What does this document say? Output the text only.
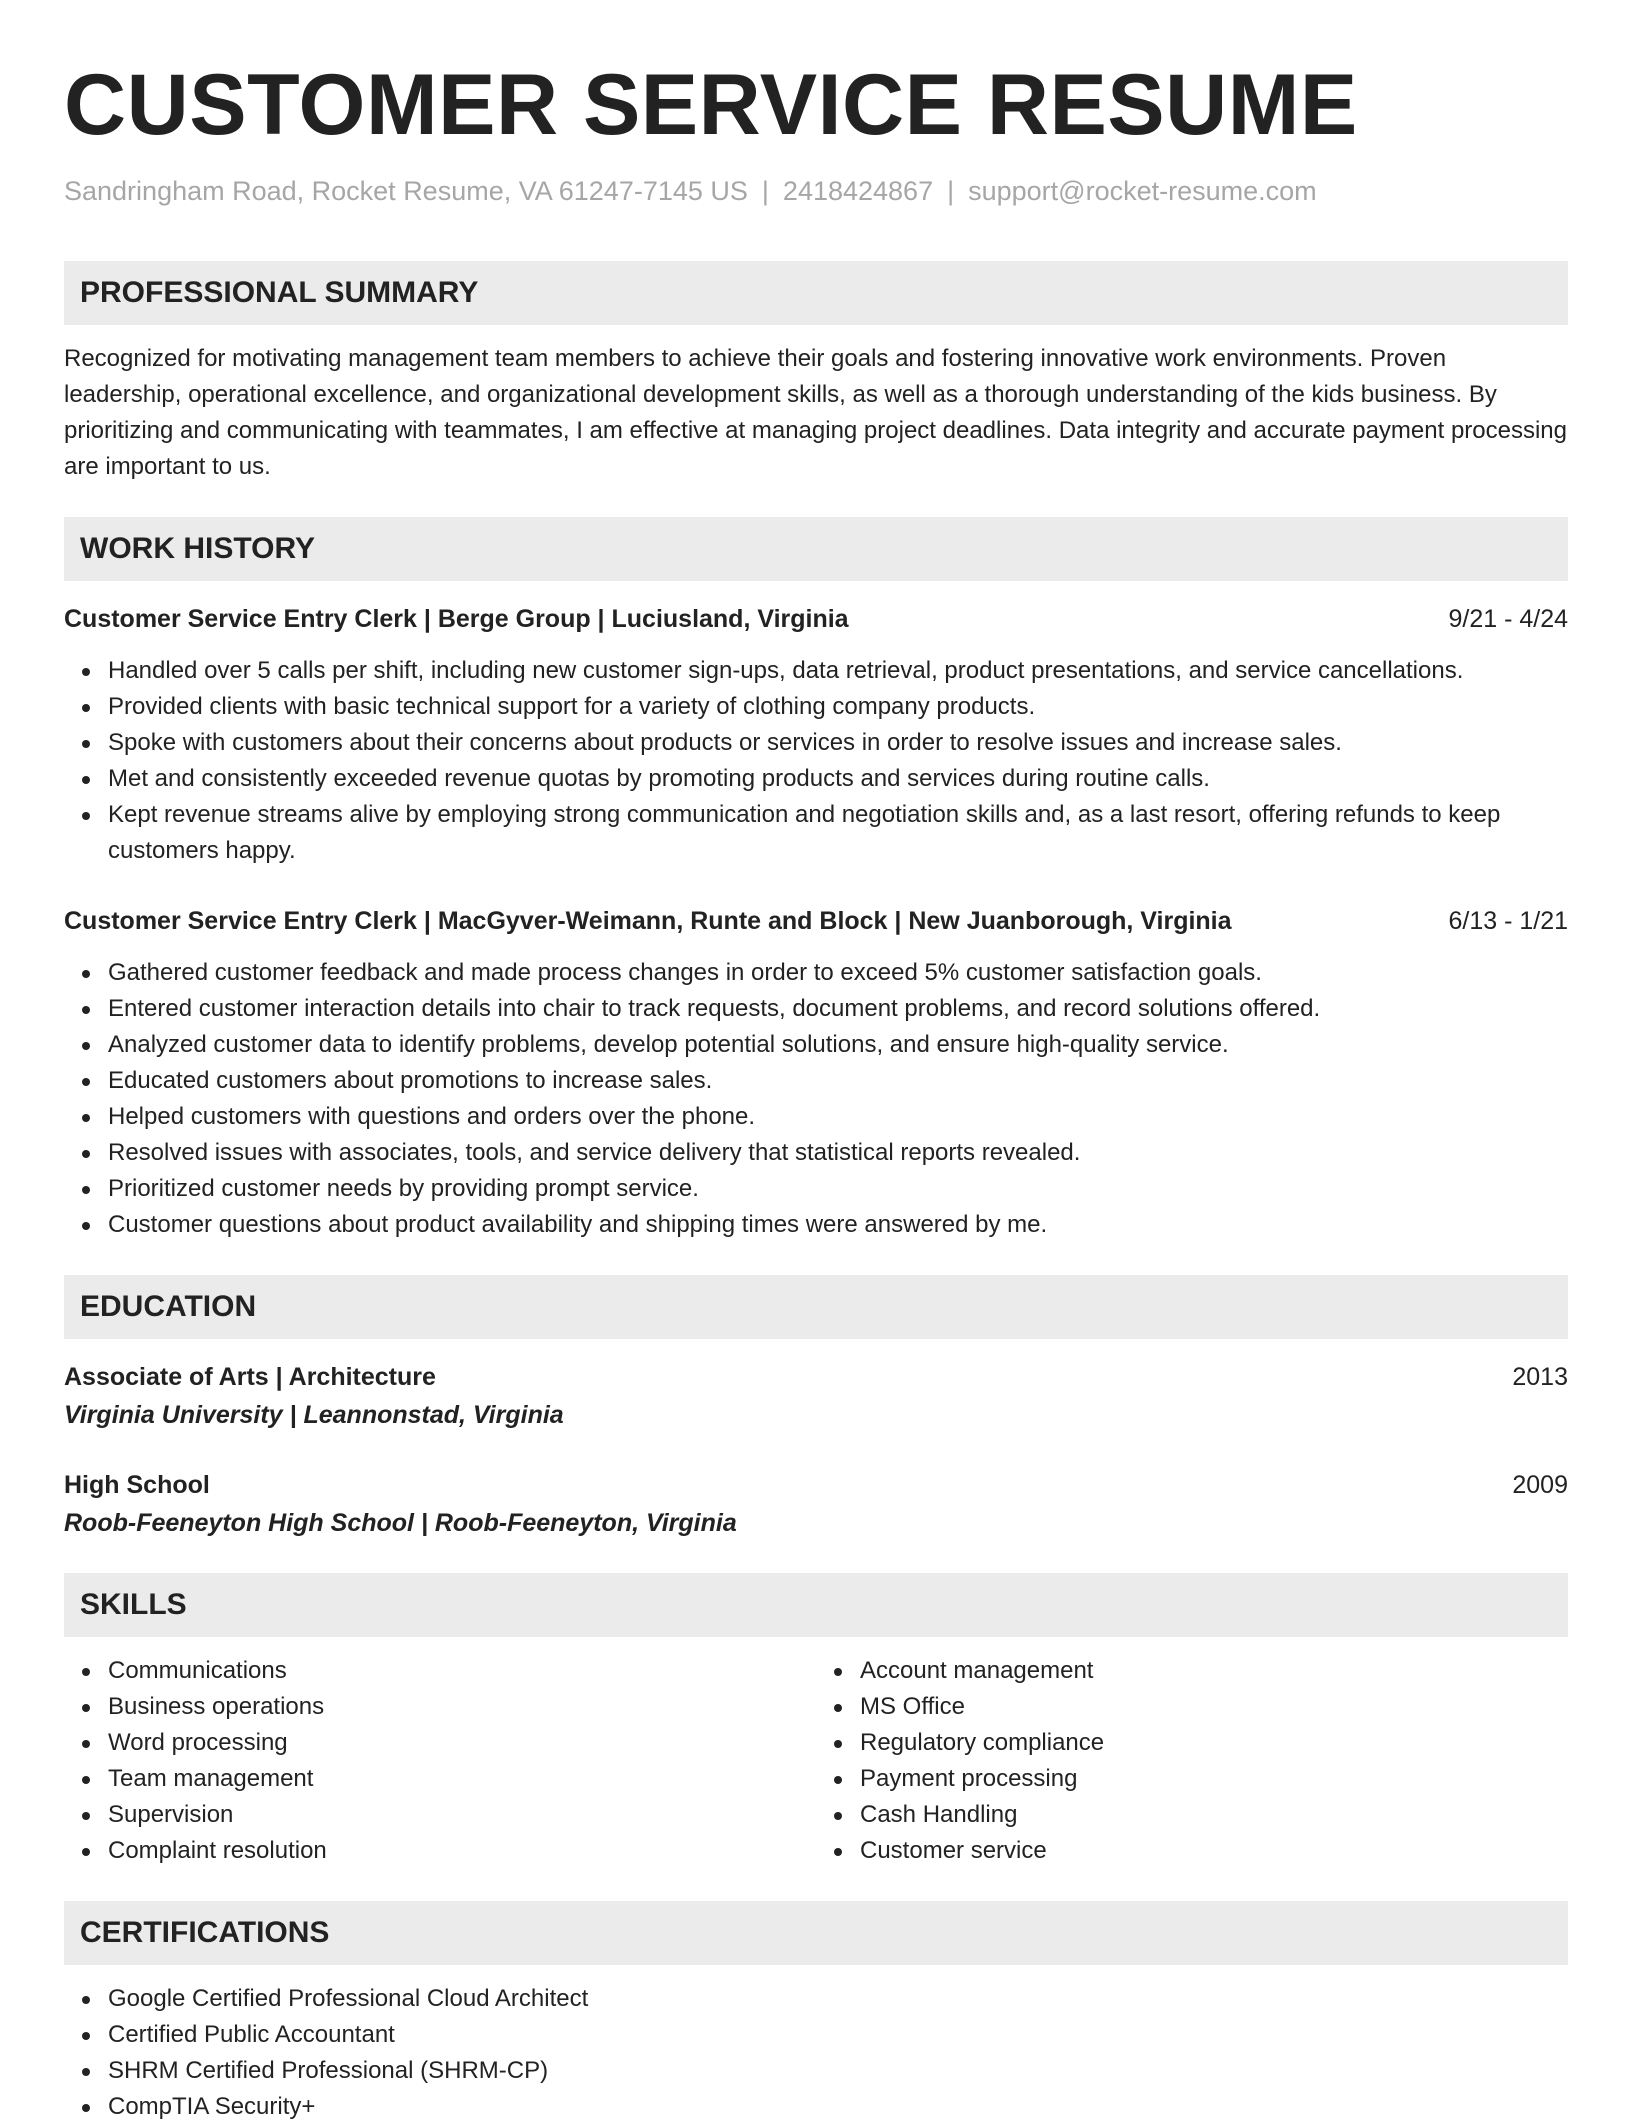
CUSTOMER SERVICE RESUME
Sandringham Road, Rocket Resume, VA 61247-7145 US | 2418424867 | support@rocket-resume.com
PROFESSIONAL SUMMARY
Recognized for motivating management team members to achieve their goals and fostering innovative work environments. Proven leadership, operational excellence, and organizational development skills, as well as a thorough understanding of the kids business. By prioritizing and communicating with teammates, I am effective at managing project deadlines. Data integrity and accurate payment processing are important to us.
WORK HISTORY
Customer Service Entry Clerk | Berge Group | Luciusland, Virginia	9/21 - 4/24
Handled over 5 calls per shift, including new customer sign-ups, data retrieval, product presentations, and service cancellations.
Provided clients with basic technical support for a variety of clothing company products.
Spoke with customers about their concerns about products or services in order to resolve issues and increase sales.
Met and consistently exceeded revenue quotas by promoting products and services during routine calls.
Kept revenue streams alive by employing strong communication and negotiation skills and, as a last resort, offering refunds to keep customers happy.
Customer Service Entry Clerk | MacGyver-Weimann, Runte and Block | New Juanborough, Virginia	6/13 - 1/21
Gathered customer feedback and made process changes in order to exceed 5% customer satisfaction goals.
Entered customer interaction details into chair to track requests, document problems, and record solutions offered.
Analyzed customer data to identify problems, develop potential solutions, and ensure high-quality service.
Educated customers about promotions to increase sales.
Helped customers with questions and orders over the phone.
Resolved issues with associates, tools, and service delivery that statistical reports revealed.
Prioritized customer needs by providing prompt service.
Customer questions about product availability and shipping times were answered by me.
EDUCATION
Associate of Arts | Architecture	2013
Virginia University | Leannonstad, Virginia
High School	2009
Roob-Feeneyton High School | Roob-Feeneyton, Virginia
SKILLS
Communications
Business operations
Word processing
Team management
Supervision
Complaint resolution
Account management
MS Office
Regulatory compliance
Payment processing
Cash Handling
Customer service
CERTIFICATIONS
Google Certified Professional Cloud Architect
Certified Public Accountant
SHRM Certified Professional (SHRM-CP)
CompTIA Security+
